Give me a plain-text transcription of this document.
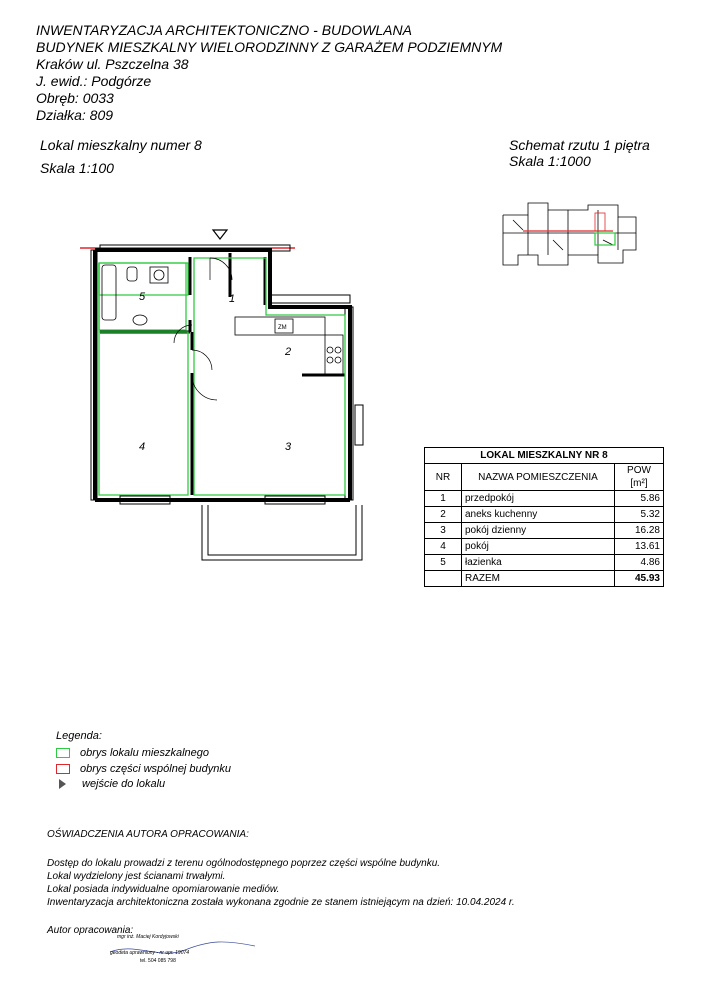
INWENTARYZACJA ARCHITEKTONICZNO - BUDOWLANA
BUDYNEK MIESZKALNY WIELORODZINNY Z GARAŻEM PODZIEMNYM
Kraków ul. Pszczelna 38
J. ewid.: Podgórze
Obręb: 0033
Działka: 809
Lokal mieszkalny numer 8
Skala 1:100
Schemat rzutu 1 piętra
Skala 1:1000
ZM
1
2
3
4
5
LOKAL MIESZKALNY NR 8		
NR	NAZWA POMIESZCZENIA	POW [m²]
1	przedpokój	5.86
2	aneks kuchenny	5.32
3	pokój dzienny	16.28
4	pokój	13.61
5	łazienka	4.86
	RAZEM	45.93
Legenda:
obrys lokalu mieszkalnego
obrys części wspólnej budynku
wejście do lokalu
OŚWIADCZENIA AUTORA OPRACOWANIA:
Dostęp do lokalu prowadzi z terenu ogólnodostępnego poprzez części wspólne budynku.
Lokal wydzielony jest ścianami trwałymi.
Lokal posiada indywidualne opomiarowanie mediów.
Inwentaryzacja architektoniczna została wykonana zgodnie ze stanem istniejącym na dzień: 10.04.2024 r.
Autor opracowania:
mgr inż. Maciej Kordyjowski
geodeta uprawniony - nr upr. 19074
tel. 504 085 798
